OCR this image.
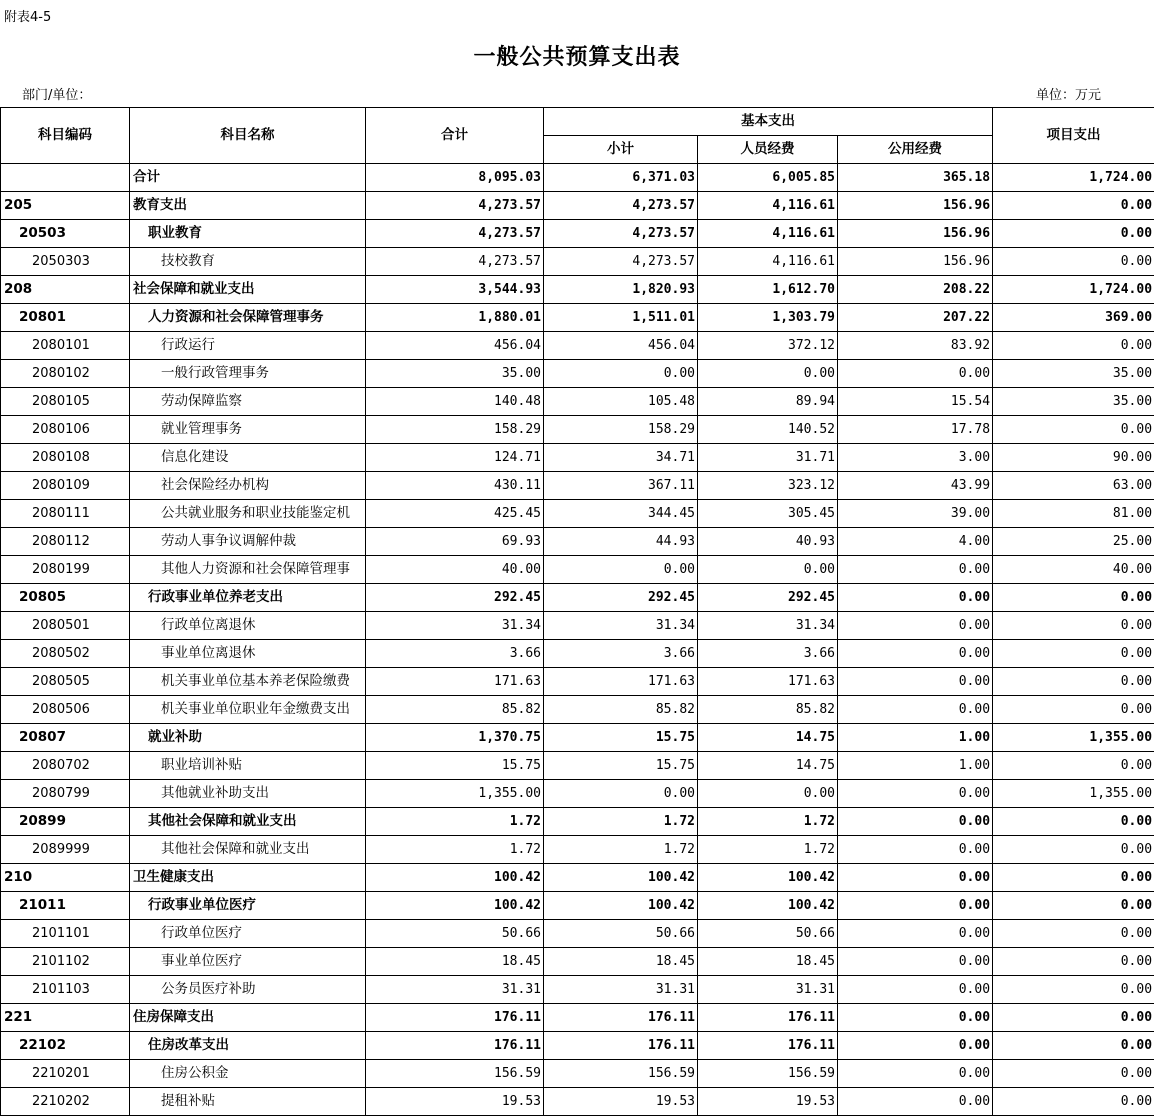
附表4-5
一般公共预算支出表
部门/单位：	单位：万元
科目编码	科目名称	合计	基本支出			项目支出
			小计	人员经费	公用经费	
	合计	8,095.03	6,371.03	6,005.85	365.18	1,724.00
205	教育支出	4,273.57	4,273.57	4,116.61	156.96	0.00
20503	职业教育	4,273.57	4,273.57	4,116.61	156.96	0.00
2050303	技校教育	4,273.57	4,273.57	4,116.61	156.96	0.00
208	社会保障和就业支出	3,544.93	1,820.93	1,612.70	208.22	1,724.00
20801	人力资源和社会保障管理事务	1,880.01	1,511.01	1,303.79	207.22	369.00
2080101	行政运行	456.04	456.04	372.12	83.92	0.00
2080102	一般行政管理事务	35.00	0.00	0.00	0.00	35.00
2080105	劳动保障监察	140.48	105.48	89.94	15.54	35.00
2080106	就业管理事务	158.29	158.29	140.52	17.78	0.00
2080108	信息化建设	124.71	34.71	31.71	3.00	90.00
2080109	社会保险经办机构	430.11	367.11	323.12	43.99	63.00
2080111	公共就业服务和职业技能鉴定机	425.45	344.45	305.45	39.00	81.00
2080112	劳动人事争议调解仲裁	69.93	44.93	40.93	4.00	25.00
2080199	其他人力资源和社会保障管理事	40.00	0.00	0.00	0.00	40.00
20805	行政事业单位养老支出	292.45	292.45	292.45	0.00	0.00
2080501	行政单位离退休	31.34	31.34	31.34	0.00	0.00
2080502	事业单位离退休	3.66	3.66	3.66	0.00	0.00
2080505	机关事业单位基本养老保险缴费	171.63	171.63	171.63	0.00	0.00
2080506	机关事业单位职业年金缴费支出	85.82	85.82	85.82	0.00	0.00
20807	就业补助	1,370.75	15.75	14.75	1.00	1,355.00
2080702	职业培训补贴	15.75	15.75	14.75	1.00	0.00
2080799	其他就业补助支出	1,355.00	0.00	0.00	0.00	1,355.00
20899	其他社会保障和就业支出	1.72	1.72	1.72	0.00	0.00
2089999	其他社会保障和就业支出	1.72	1.72	1.72	0.00	0.00
210	卫生健康支出	100.42	100.42	100.42	0.00	0.00
21011	行政事业单位医疗	100.42	100.42	100.42	0.00	0.00
2101101	行政单位医疗	50.66	50.66	50.66	0.00	0.00
2101102	事业单位医疗	18.45	18.45	18.45	0.00	0.00
2101103	公务员医疗补助	31.31	31.31	31.31	0.00	0.00
221	住房保障支出	176.11	176.11	176.11	0.00	0.00
22102	住房改革支出	176.11	176.11	176.11	0.00	0.00
2210201	住房公积金	156.59	156.59	156.59	0.00	0.00
2210202	提租补贴	19.53	19.53	19.53	0.00	0.00
